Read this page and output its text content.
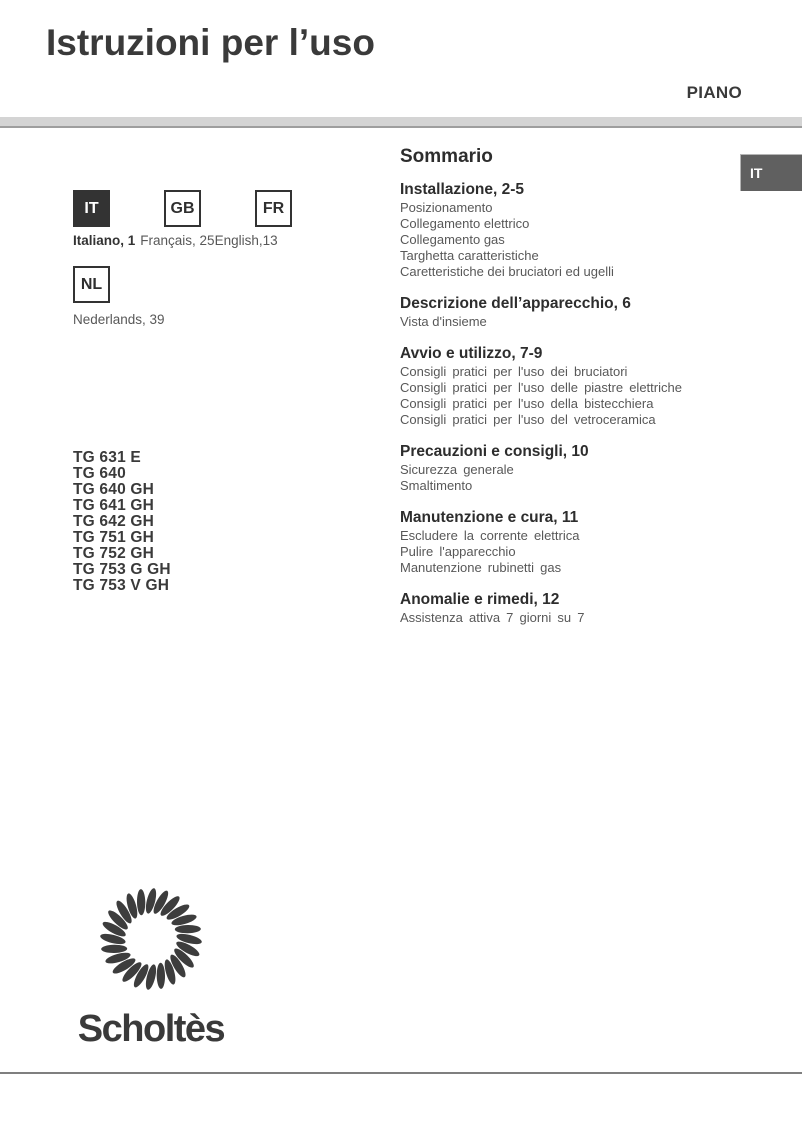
Istruzioni per l’uso
PIANO
IT
IT	GB	FR
Italiano, 1 Français, 25English,13
NL
Nederlands, 39
TG 631 E
TG 640
TG 640 GH
TG 641 GH
TG 642 GH
TG 751 GH
TG 752 GH
TG 753 G GH
TG 753 V GH
Sommario
Installazione, 2-5
Posizionamento
Collegamento elettrico
Collegamento gas
Targhetta caratteristiche
Caretteristiche dei bruciatori ed ugelli
Descrizione dell’apparecchio, 6
Vista d'insieme
Avvio e utilizzo, 7-9
Consigli pratici per l'uso dei bruciatori
Consigli pratici per l'uso delle piastre elettriche
Consigli pratici per l'uso della bistecchiera
Consigli pratici per l'uso del vetroceramica
Precauzioni e consigli, 10
Sicurezza generale
Smaltimento
Manutenzione e cura, 11
Escludere la corrente elettrica
Pulire l'apparecchio
Manutenzione rubinetti gas
Anomalie e rimedi, 12
Assistenza attiva 7 giorni su 7
Scholtès
